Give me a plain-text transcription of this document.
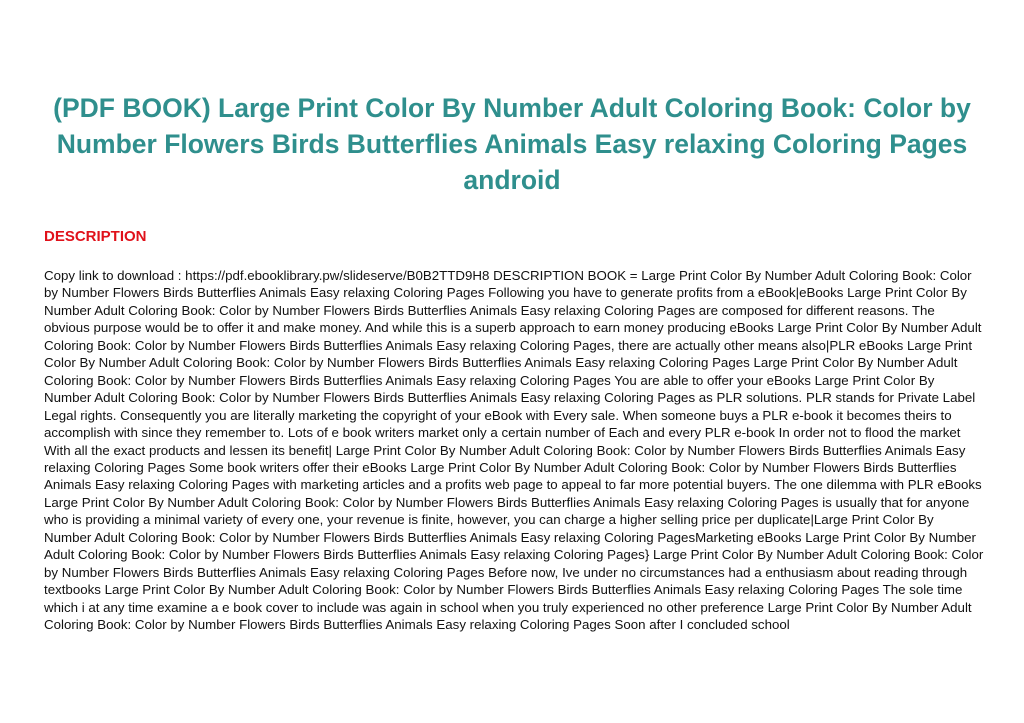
(PDF BOOK) Large Print Color By Number Adult Coloring Book: Color by Number Flowers Birds Butterflies Animals Easy relaxing Coloring Pages android
DESCRIPTION

Copy link to download : https://pdf.ebooklibrary.pw/slideserve/B0B2TTD9H8 DESCRIPTION BOOK = Large Print Color By Number Adult Coloring Book: Color by Number Flowers Birds Butterflies Animals Easy relaxing Coloring Pages Following you have to generate profits from a eBook|eBooks Large Print Color By Number Adult Coloring Book: Color by Number Flowers Birds Butterflies Animals Easy relaxing Coloring Pages are composed for different reasons. The obvious purpose would be to offer it and make money. And while this is a superb approach to earn money producing eBooks Large Print Color By Number Adult Coloring Book: Color by Number Flowers Birds Butterflies Animals Easy relaxing Coloring Pages, there are actually other means also|PLR eBooks Large Print Color By Number Adult Coloring Book: Color by Number Flowers Birds Butterflies Animals Easy relaxing Coloring Pages Large Print Color By Number Adult Coloring Book: Color by Number Flowers Birds Butterflies Animals Easy relaxing Coloring Pages You are able to offer your eBooks Large Print Color By Number Adult Coloring Book: Color by Number Flowers Birds Butterflies Animals Easy relaxing Coloring Pages as PLR solutions. PLR stands for Private Label Legal rights. Consequently you are literally marketing the copyright of your eBook with Every sale. When someone buys a PLR e-book it becomes theirs to accomplish with since they remember to. Lots of e book writers market only a certain number of Each and every PLR e-book In order not to flood the market With all the exact products and lessen its benefit| Large Print Color By Number Adult Coloring Book: Color by Number Flowers Birds Butterflies Animals Easy relaxing Coloring Pages Some book writers offer their eBooks Large Print Color By Number Adult Coloring Book: Color by Number Flowers Birds Butterflies Animals Easy relaxing Coloring Pages with marketing articles and a profits web page to appeal to far more potential buyers. The one dilemma with PLR eBooks Large Print Color By Number Adult Coloring Book: Color by Number Flowers Birds Butterflies Animals Easy relaxing Coloring Pages is usually that for anyone who is providing a minimal variety of every one, your revenue is finite, however, you can charge a higher selling price per duplicate|Large Print Color By Number Adult Coloring Book: Color by Number Flowers Birds Butterflies Animals Easy relaxing Coloring PagesMarketing eBooks Large Print Color By Number Adult Coloring Book: Color by Number Flowers Birds Butterflies Animals Easy relaxing Coloring Pages} Large Print Color By Number Adult Coloring Book: Color by Number Flowers Birds Butterflies Animals Easy relaxing Coloring Pages Before now, Ive under no circumstances had a enthusiasm about reading through textbooks Large Print Color By Number Adult Coloring Book: Color by Number Flowers Birds Butterflies Animals Easy relaxing Coloring Pages The sole time which i at any time examine a e book cover to include was again in school when you truly experienced no other preference Large Print Color By Number Adult Coloring Book: Color by Number Flowers Birds Butterflies Animals Easy relaxing Coloring Pages Soon after I concluded school
